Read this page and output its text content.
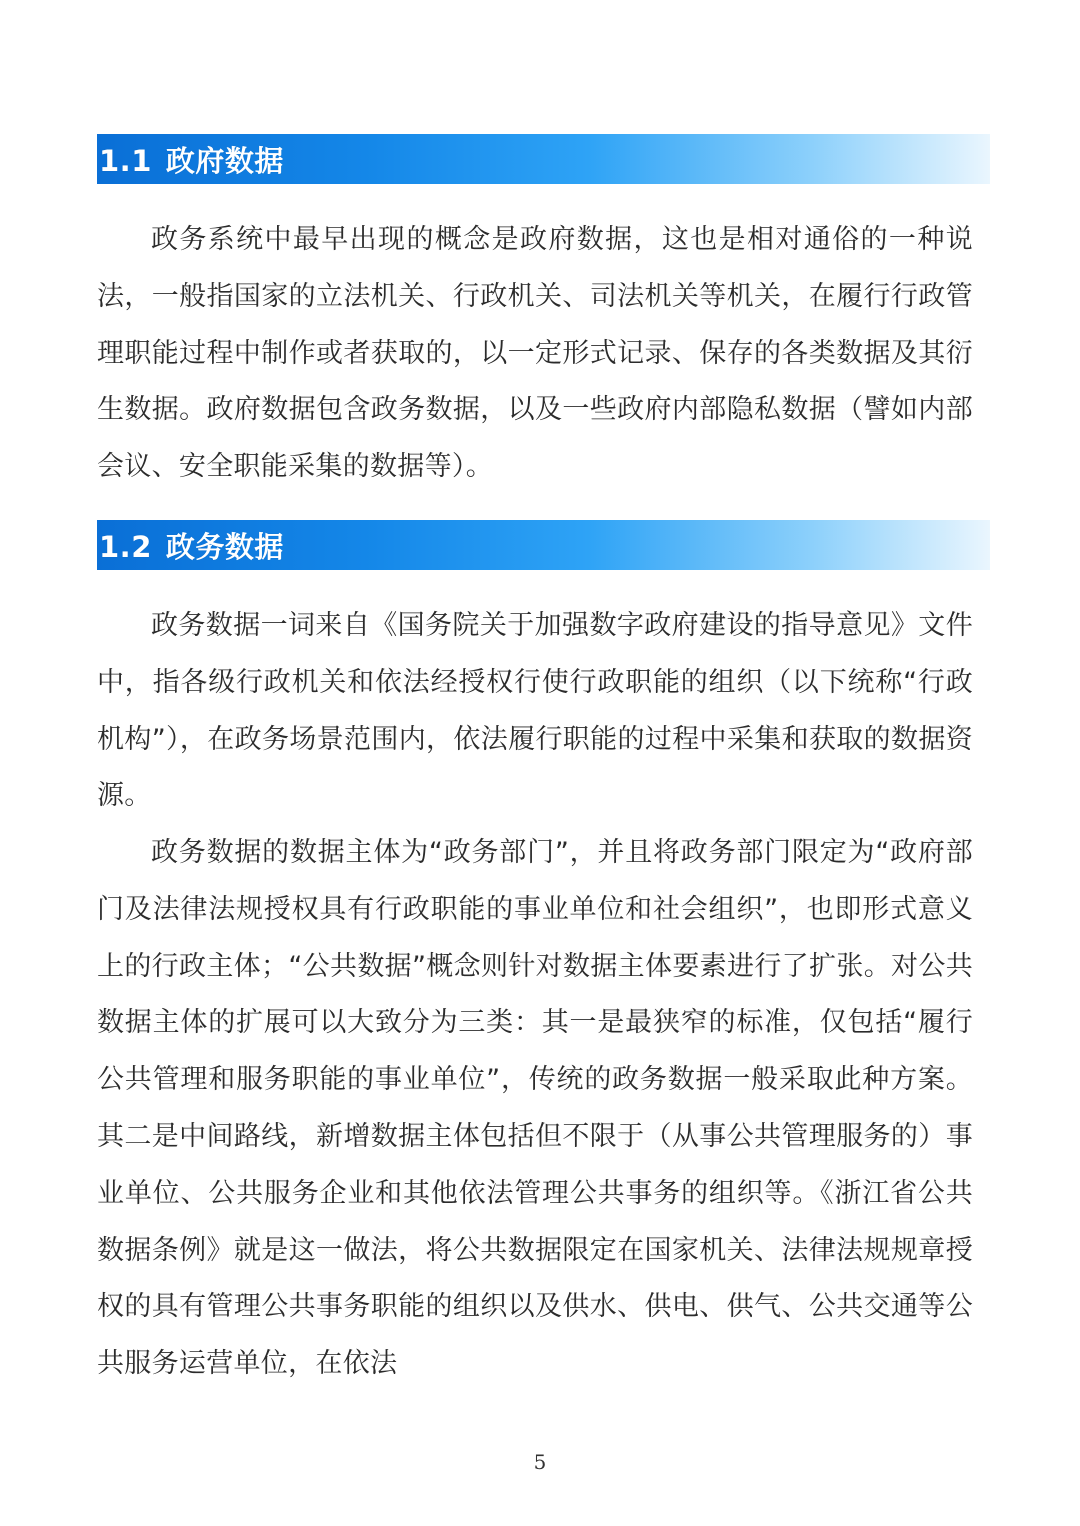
1.1 政府数据

政务系统中最早出现的概念是政府数据，这也是相对通俗的一种说法，一般指国家的立法机关、行政机关、司法机关等机关，在履行行政管理职能过程中制作或者获取的，以一定形式记录、保存的各类数据及其衍生数据。政府数据包含政务数据，以及一些政府内部隐私数据（譬如内部会议、安全职能采集的数据等）。

1.2 政务数据

政务数据一词来自《国务院关于加强数字政府建设的指导意见》文件中，指各级行政机关和依法经授权行使行政职能的组织（以下统称“行政机构”），在政务场景范围内，依法履行职能的过程中采集和获取的数据资源。

政务数据的数据主体为“政务部门”，并且将政务部门限定为“政府部门及法律法规授权具有行政职能的事业单位和社会组织”，也即形式意义上的行政主体；“公共数据”概念则针对数据主体要素进行了扩张。对公共数据主体的扩展可以大致分为三类：其一是最狭窄的标准，仅包括“履行公共管理和服务职能的事业单位”，传统的政务数据一般采取此种方案。其二是中间路线，新增数据主体包括但不限于（从事公共管理服务的）事业单位、公共服务企业和其他依法管理公共事务的组织等。《浙江省公共数据条例》就是这一做法，将公共数据限定在国家机关、法律法规规章授权的具有管理公共事务职能的组织以及供水、供电、供气、公共交通等公共服务运营单位，在依法

5
